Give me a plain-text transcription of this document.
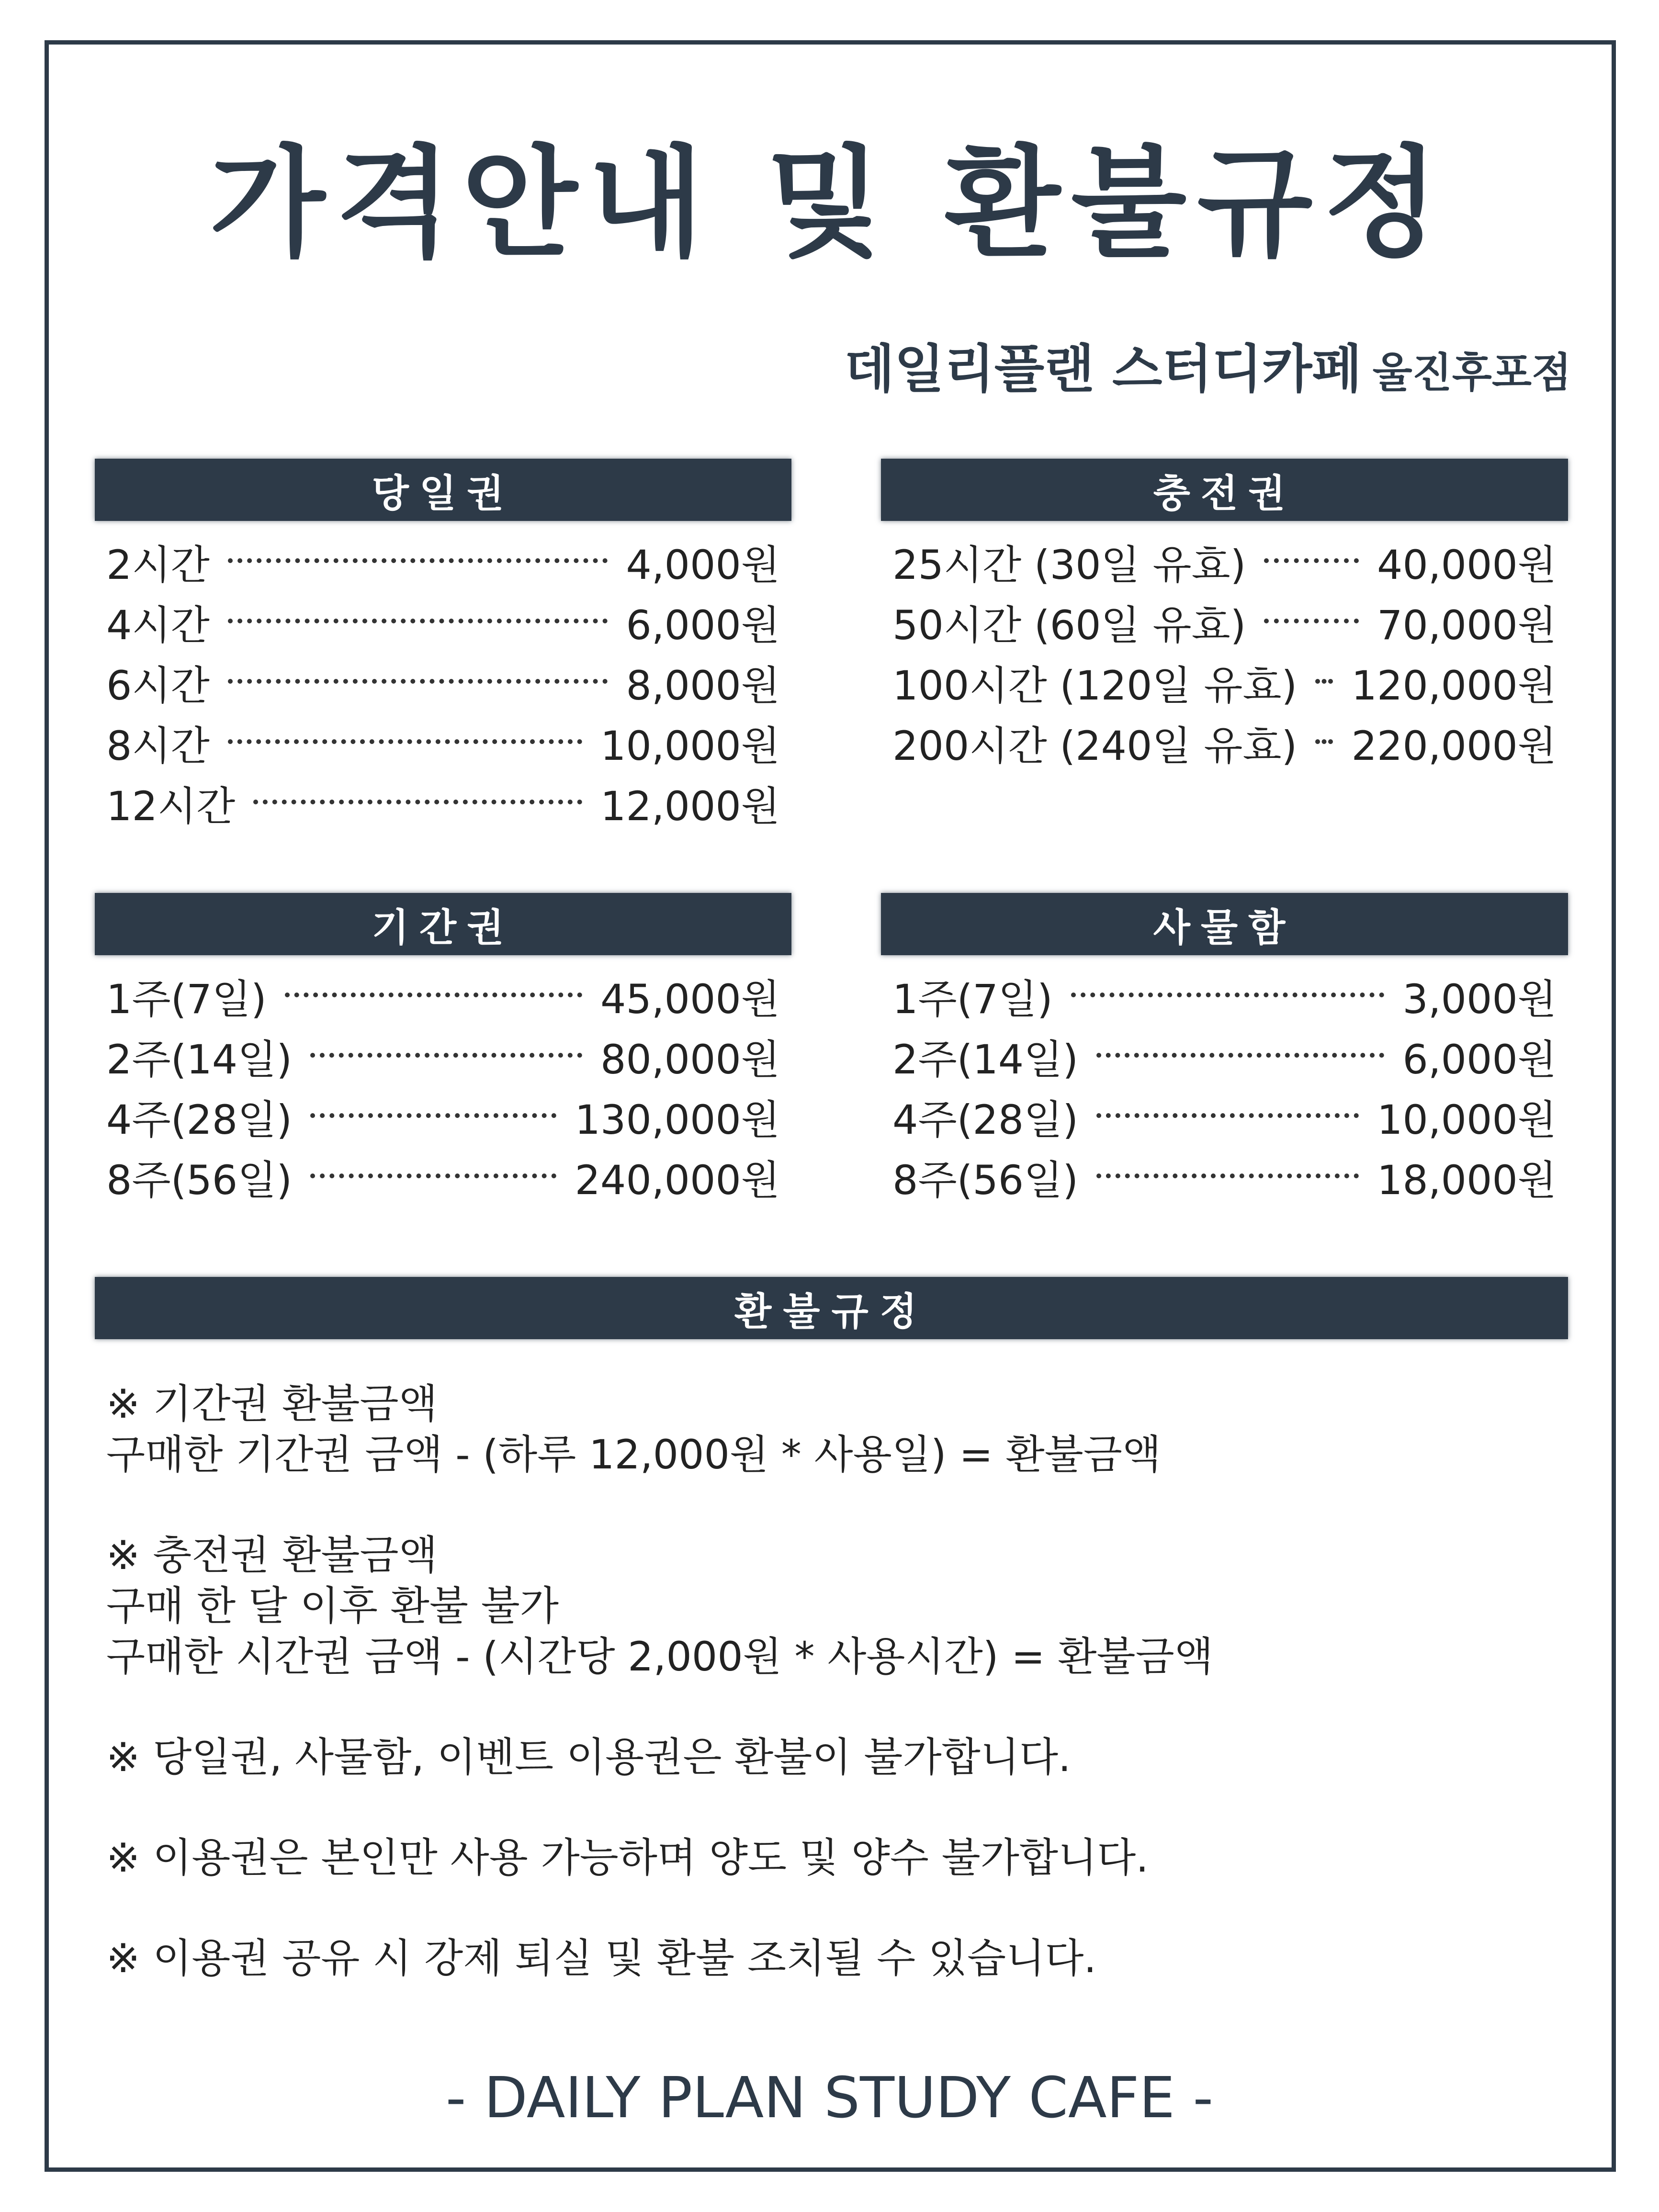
가격안내 및 환불규정
데일리플랜 스터디카페 울진후포점
당일권
2시간	4,000원
4시간	6,000원
6시간	8,000원
8시간	10,000원
12시간	12,000원
충전권
25시간 (30일 유효)	40,000원
50시간 (60일 유효)	70,000원
100시간 (120일 유효) 120,000원
200시간 (240일 유효) 220,000원
기간권
1주(7일)	45,000원
2주(14일)	80,000원
4주(28일)	130,000원
8주(56일)	240,000원
사물함
1주(7일)	3,000원
2주(14일)	6,000원
4주(28일)	10,000원
8주(56일)	18,000원
환불규정
※ 기간권 환불금액
구매한 기간권 금액 - (하루 12,000원 * 사용일) = 환불금액
※ 충전권 환불금액
구매 한 달 이후 환불 불가
구매한 시간권 금액 - (시간당 2,000원 * 사용시간) = 환불금액
※ 당일권, 사물함, 이벤트 이용권은 환불이 불가합니다.
※ 이용권은 본인만 사용 가능하며 양도 및 양수 불가합니다.
※ 이용권 공유 시 강제 퇴실 및 환불 조치될 수 있습니다.
- DAILY PLAN STUDY CAFE -
